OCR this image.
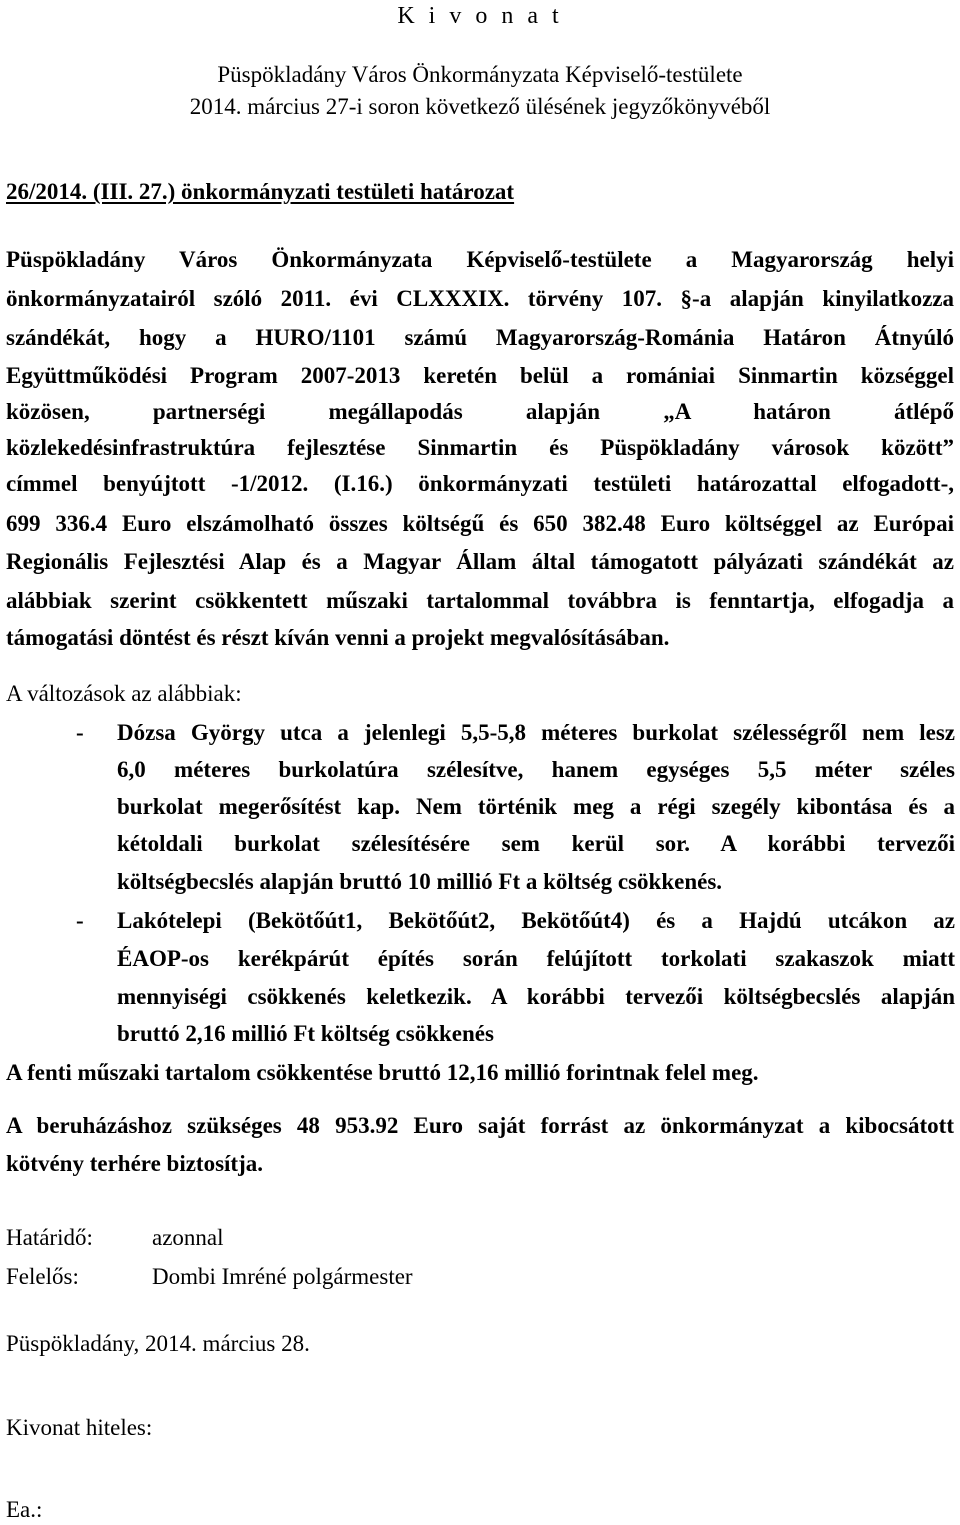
K i v o n a t
Püspökladány Város Önkormányzata Képviselő-testülete
2014. március 27-i soron következő ülésének jegyzőkönyvéből
26/2014. (III. 27.) önkormányzati testületi határozat
Püspökladány Város Önkormányzata Képviselő-testülete a Magyarország helyi
önkormányzatairól szóló 2011. évi CLXXXIX. törvény 107. §-a alapján kinyilatkozza
szándékát, hogy a HURO/1101 számú Magyarország-Románia Határon Átnyúló
Együttműködési Program 2007-2013 keretén belül a romániai Sinmartin községgel
közösen, partnerségi megállapodás alapján „A határon átlépő
közlekedésinfrastruktúra fejlesztése Sinmartin és Püspökladány városok között”
címmel benyújtott -1/2012. (I.16.) önkormányzati testületi határozattal elfogadott-,
699 336.4 Euro elszámolható összes költségű és 650 382.48 Euro költséggel az Európai
Regionális Fejlesztési Alap és a Magyar Állam által támogatott pályázati szándékát az
alábbiak szerint csökkentett műszaki tartalommal továbbra is fenntartja, elfogadja a
támogatási döntést és részt kíván venni a projekt megvalósításában.
A változások az alábbiak:
- Dózsa György utca a jelenlegi 5,5-5,8 méteres burkolat szélességről nem lesz
6,0 méteres burkolatúra szélesítve, hanem egységes 5,5 méter széles
burkolat megerősítést kap. Nem történik meg a régi szegély kibontása és a
kétoldali burkolat szélesítésére sem kerül sor. A korábbi tervezői
költségbecslés alapján bruttó 10 millió Ft a költség csökkenés.
- Lakótelepi (Bekötőút1, Bekötőút2, Bekötőút4) és a Hajdú utcákon az
ÉAOP-os kerékpárút építés során felújított torkolati szakaszok miatt
mennyiségi csökkenés keletkezik. A korábbi tervezői költségbecslés alapján
bruttó 2,16 millió Ft költség csökkenés
A fenti műszaki tartalom csökkentése bruttó 12,16 millió forintnak felel meg.
A beruházáshoz szükséges 48 953.92 Euro saját forrást az önkormányzat a kibocsátott
kötvény terhére biztosítja.
Határidő:	azonnal
Felelős:	Dombi Imréné polgármester
Püspökladány, 2014. március 28.
Kivonat hiteles:
Ea.:
